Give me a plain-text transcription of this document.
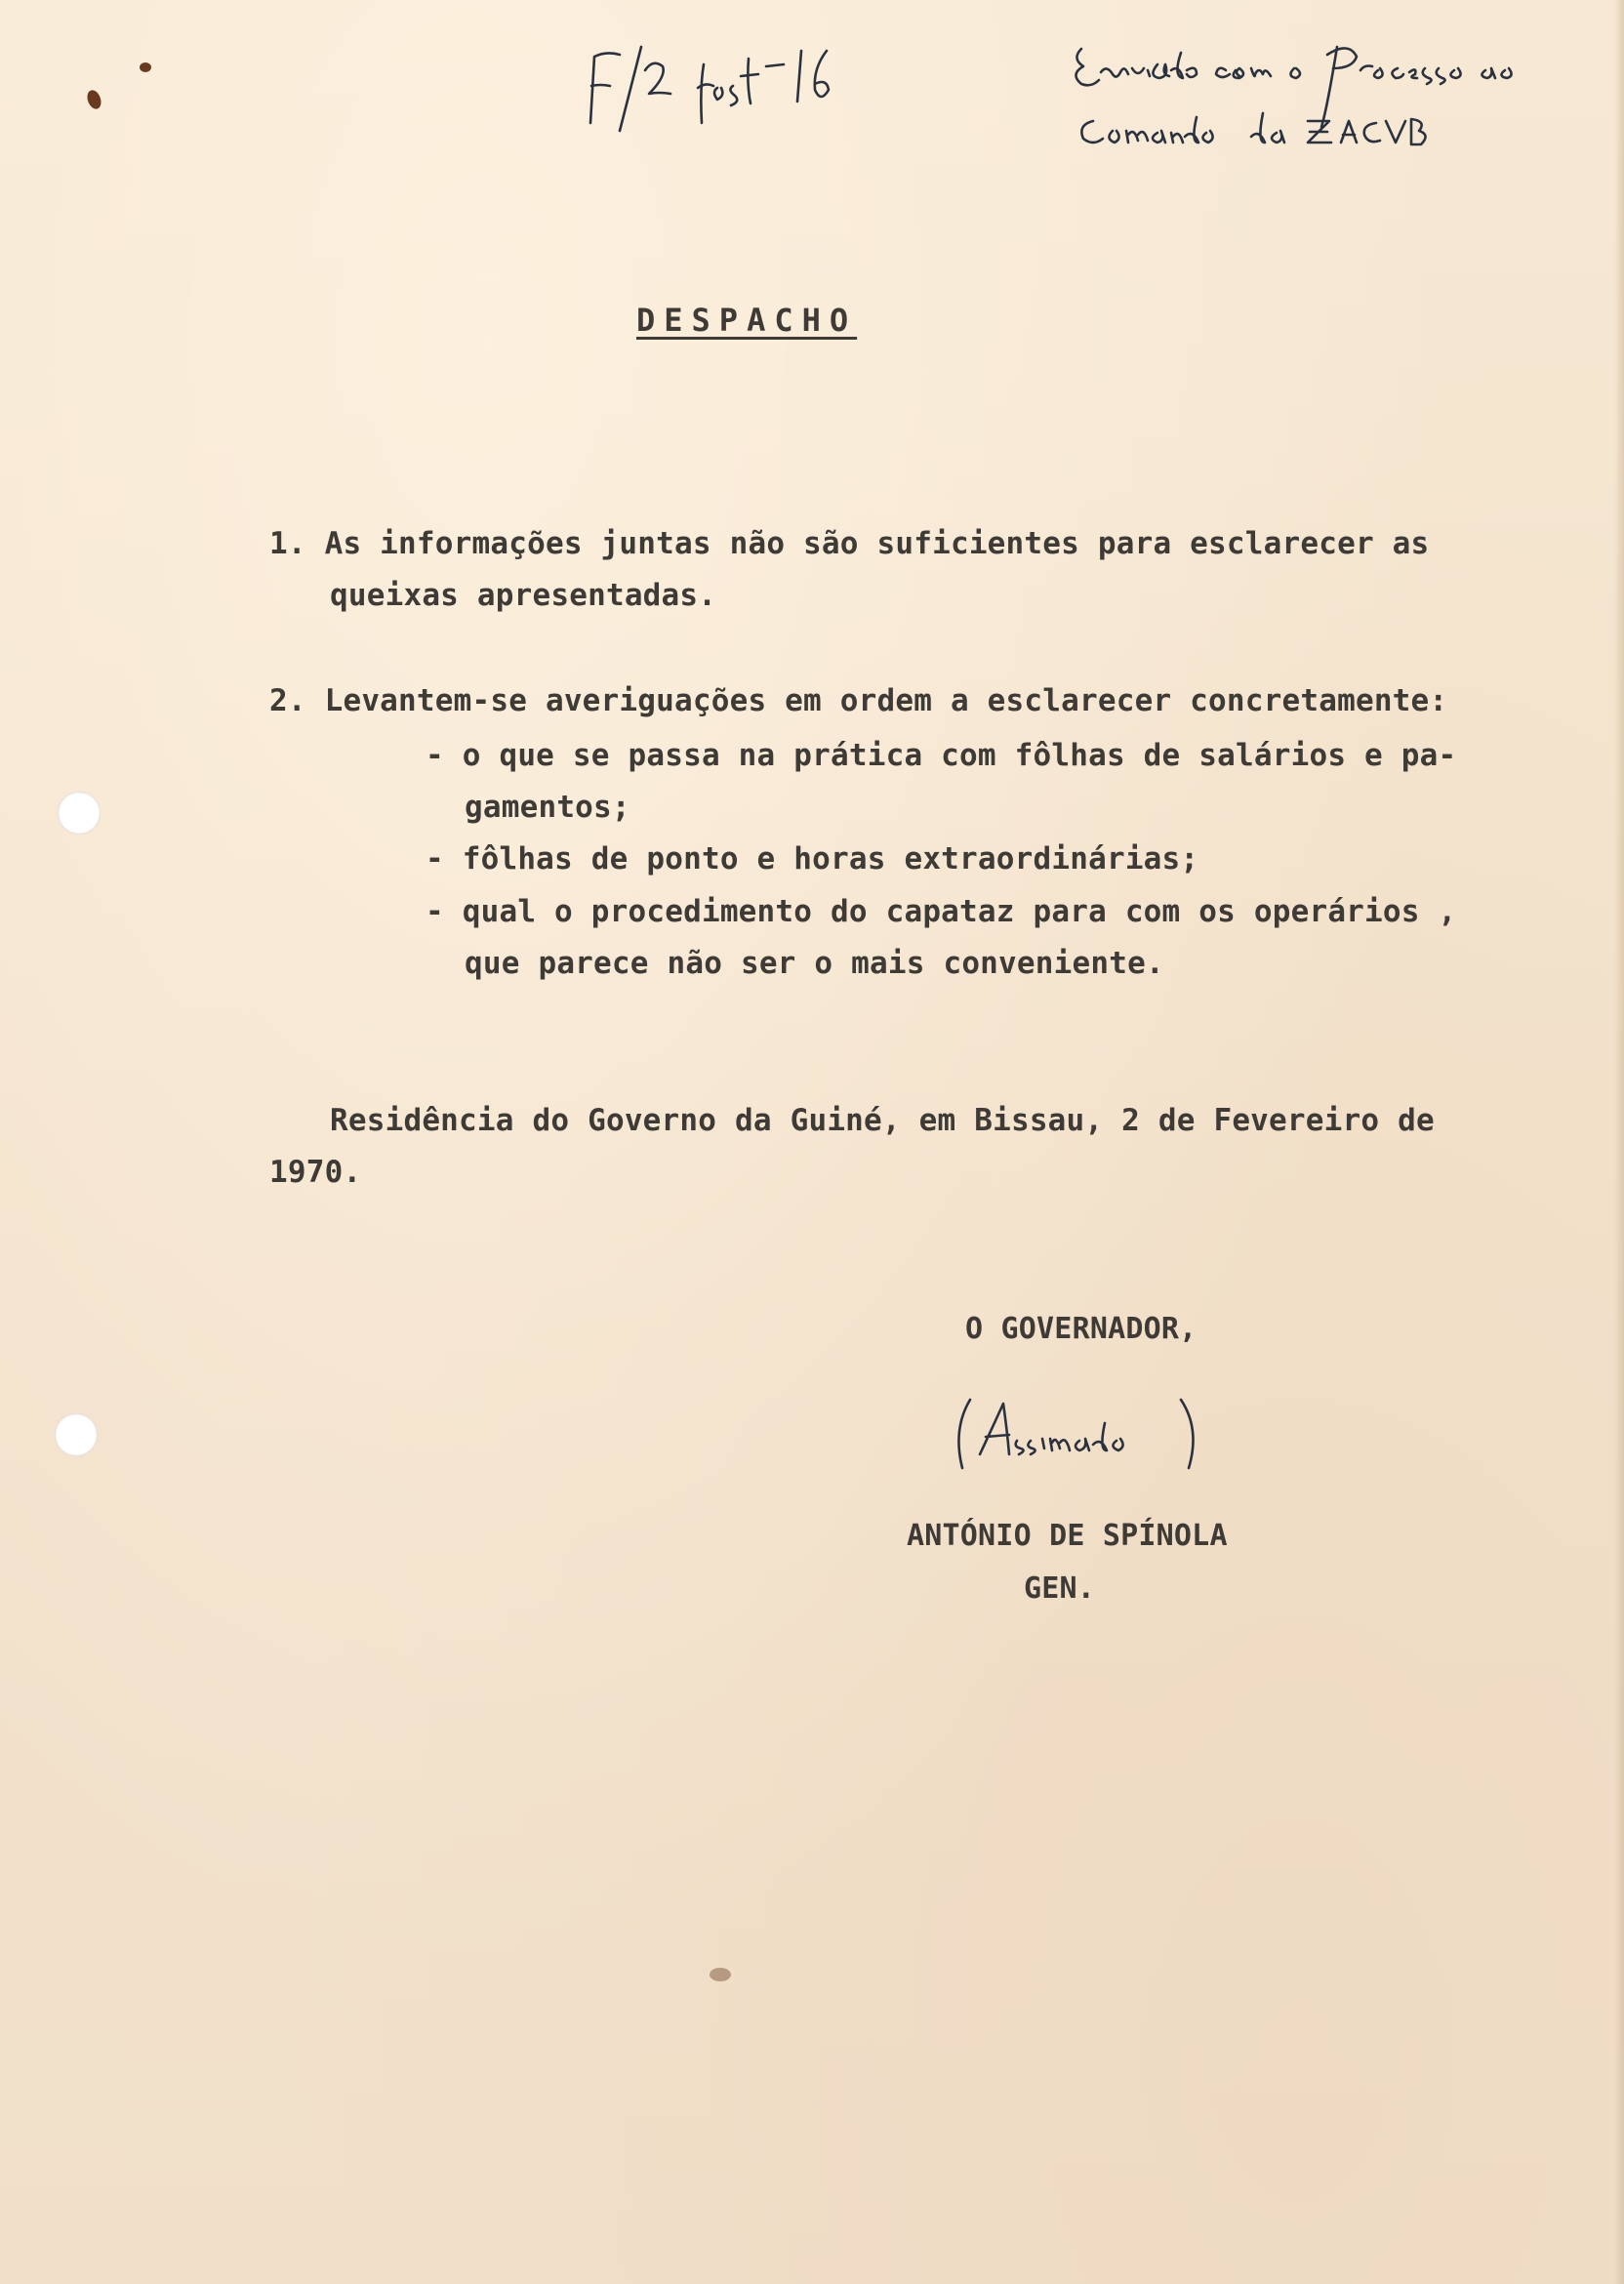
DESPACHO
1. As informações juntas não são suficientes para esclarecer as
queixas apresentadas.
2. Levantem-se averiguações em ordem a esclarecer concretamente:
- o que se passa na prática com fôlhas de salários e pa-
gamentos;
- fôlhas de ponto e horas extraordinárias;
- qual o procedimento do capataz para com os operários ,
que parece não ser o mais conveniente.
Residência do Governo da Guiné, em Bissau, 2 de Fevereiro de
1970.
O GOVERNADOR,
ANTÓNIO DE SPÍNOLA
GEN.
